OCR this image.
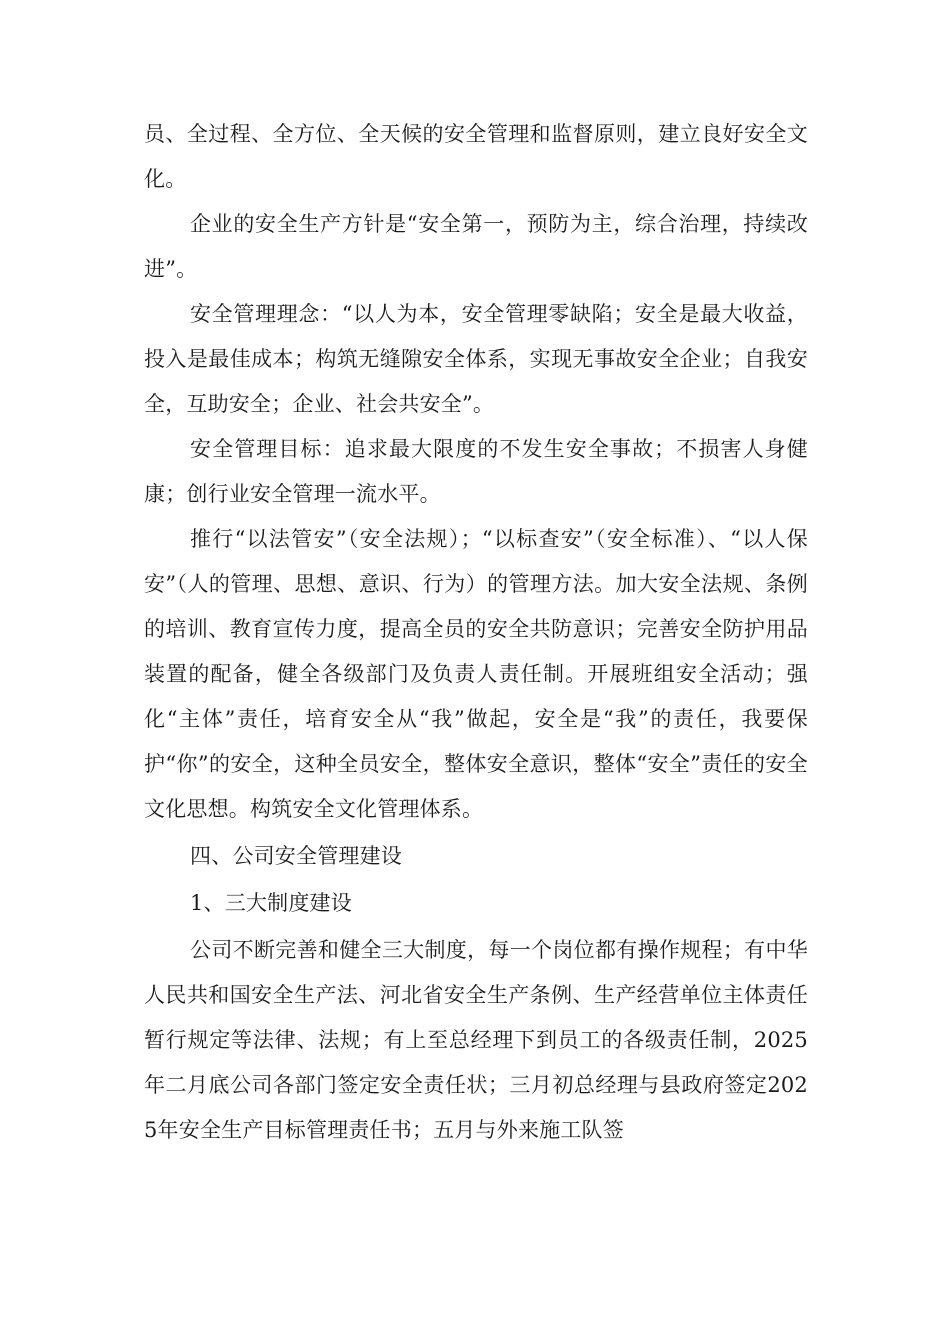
员、全过程、全方位、全天候的安全管理和监督原则，建立良好安全文化。

企业的安全生产方针是“安全第一，预防为主，综合治理，持续改进”。

安全管理理念：“以人为本，安全管理零缺陷；安全是最大收益，投入是最佳成本；构筑无缝隙安全体系，实现无事故安全企业；自我安全，互助安全；企业、社会共安全”。

安全管理目标：追求最大限度的不发生安全事故；不损害人身健康；创行业安全管理一流水平。

推行“以法管安”（安全法规）；“以标查安”（安全标准）、“以人保安”（人的管理、思想、意识、行为）的管理方法。加大安全法规、条例的培训、教育宣传力度，提高全员的安全共防意识；完善安全防护用品装置的配备，健全各级部门及负责人责任制。开展班组安全活动；强化“主体”责任，培育安全从“我”做起，安全是“我”的责任，我要保护“你”的安全，这种全员安全，整体安全意识，整体“安全”责任的安全文化思想。构筑安全文化管理体系。

四、公司安全管理建设

1、三大制度建设

公司不断完善和健全三大制度，每一个岗位都有操作规程；有中华人民共和国安全生产法、河北省安全生产条例、生产经营单位主体责任暂行规定等法律、法规；有上至总经理下到员工的各级责任制，2025年二月底公司各部门签定安全责任状；三月初总经理与县政府签定2025年安全生产目标管理责任书；五月与外来施工队签
